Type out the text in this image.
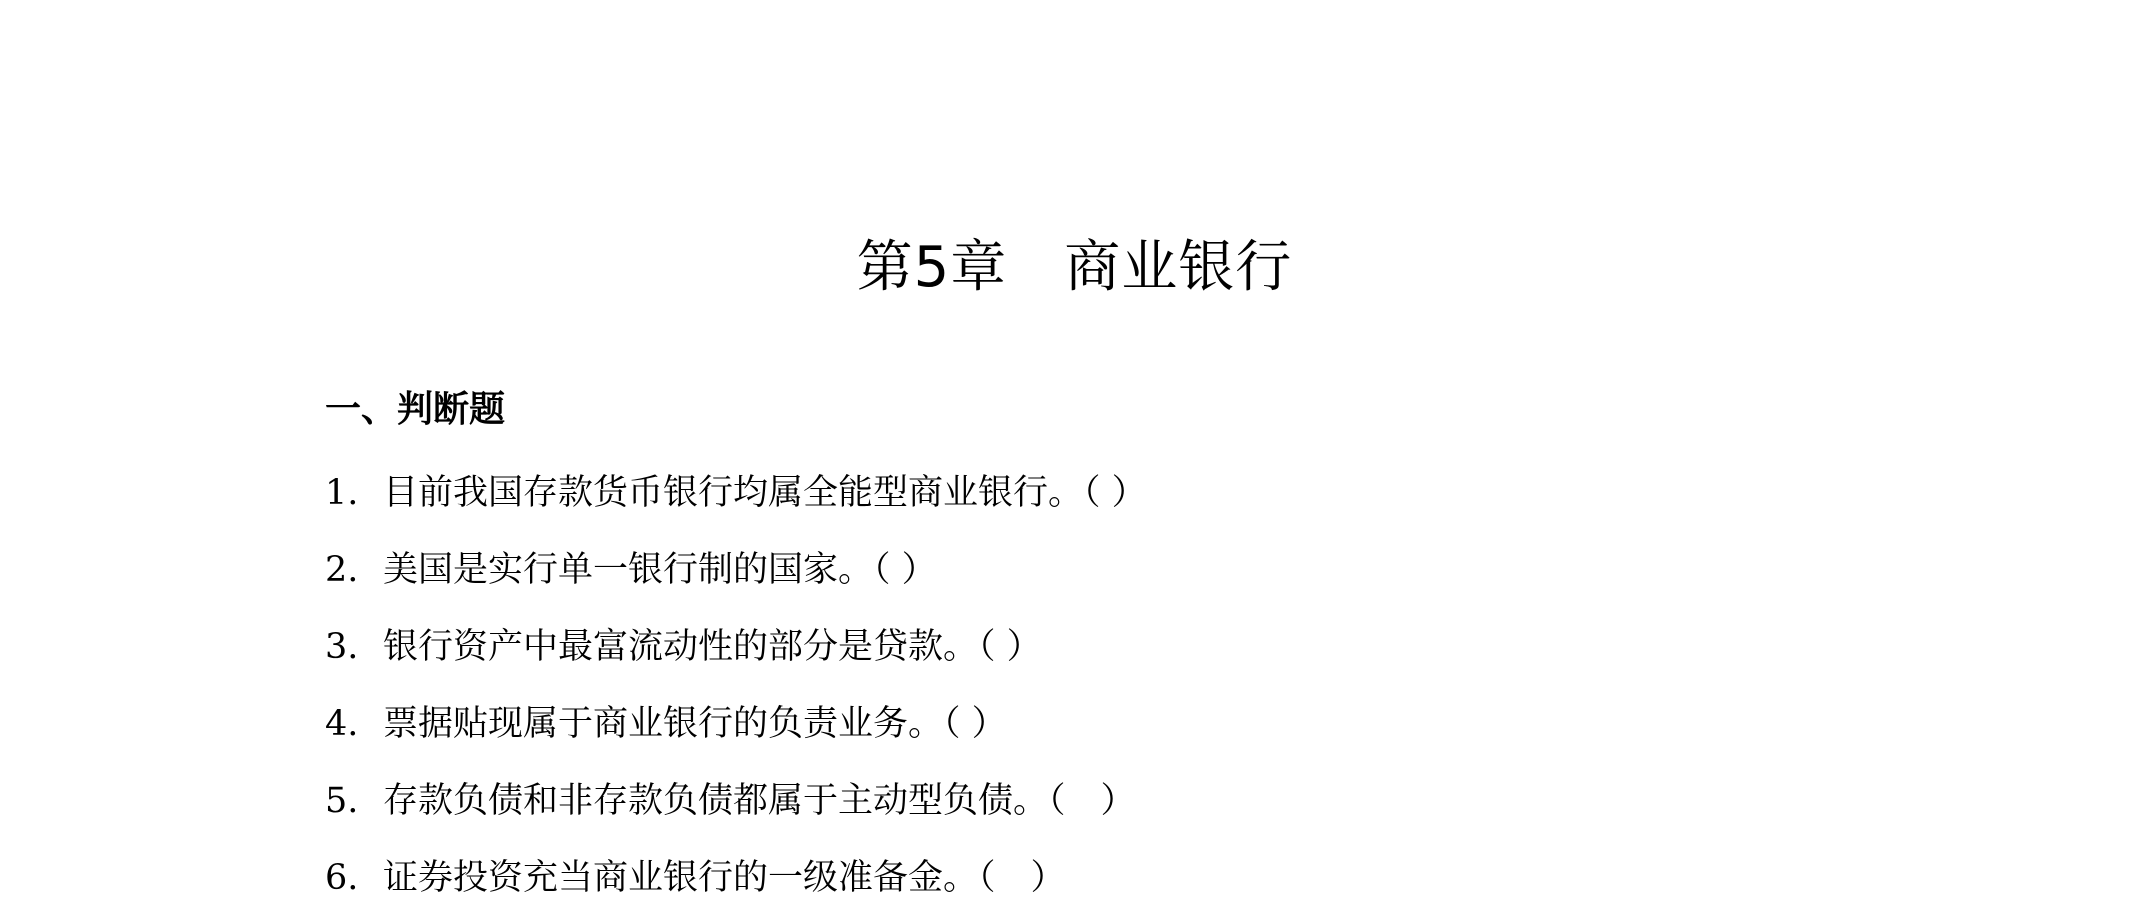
第5章　商业银行
一、判断题
1. 目前我国存款货币银行均属全能型商业银行。（ ）
2. 美国是实行单一银行制的国家。（ ）
3. 银行资产中最富流动性的部分是贷款。（ ）
4. 票据贴现属于商业银行的负责业务。（ ）
5. 存款负债和非存款负债都属于主动型负债。（　）
6. 证券投资充当商业银行的一级准备金。（　）
